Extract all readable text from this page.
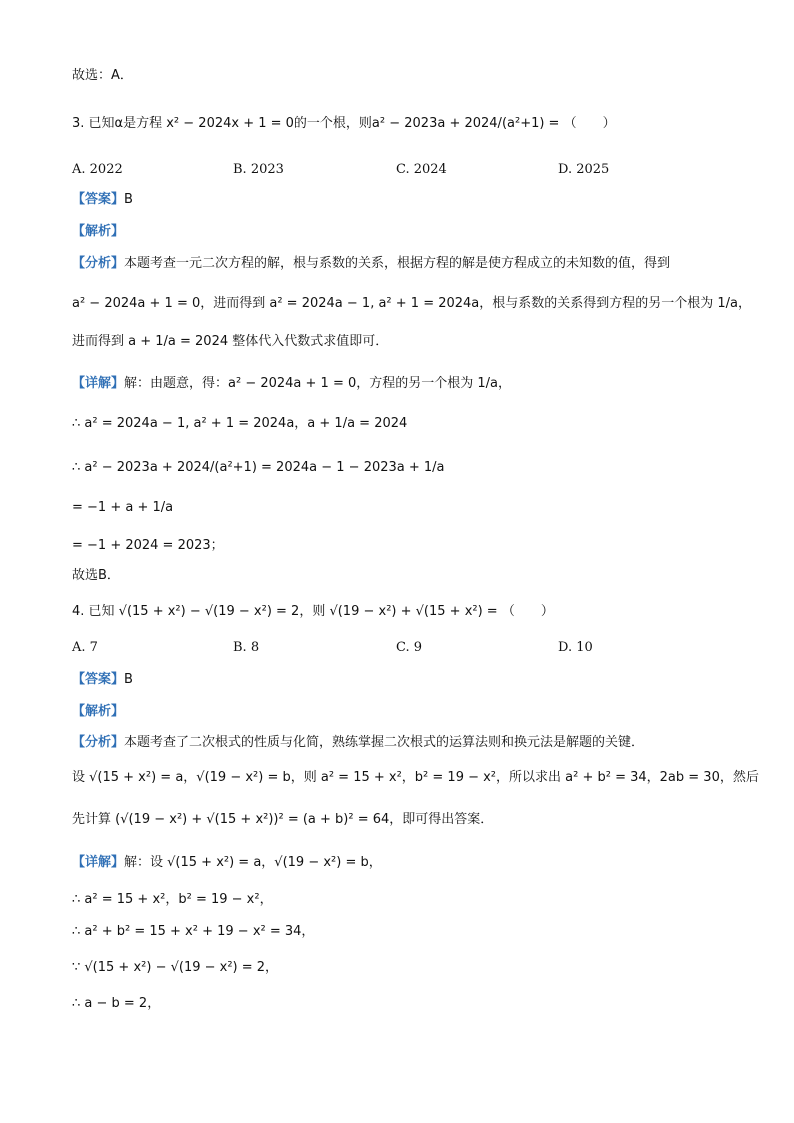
故选：A．
3. 已知α是方程 x² − 2024x + 1 = 0的一个根，则a² − 2023a + 2024/(a²+1) = （　　）
A. 2022	B. 2023	C. 2024	D. 2025
【答案】B
【解析】
【分析】本题考查一元二次方程的解，根与系数的关系，根据方程的解是使方程成立的未知数的值，得到
a² − 2024a + 1 = 0，进而得到 a² = 2024a − 1, a² + 1 = 2024a，根与系数的关系得到方程的另一个根为 1/a，
进而得到 a + 1/a = 2024 整体代入代数式求值即可．
【详解】解：由题意，得：a² − 2024a + 1 = 0，方程的另一个根为 1/a，
∴ a² = 2024a − 1, a² + 1 = 2024a，a + 1/a = 2024
∴ a² − 2023a + 2024/(a²+1) = 2024a − 1 − 2023a + 1/a
= −1 + a + 1/a
= −1 + 2024 = 2023；
故选B．
4. 已知 √(15 + x²) − √(19 − x²) = 2，则 √(19 − x²) + √(15 + x²) = （　　）
A. 7	B. 8	C. 9	D. 10
【答案】B
【解析】
【分析】本题考查了二次根式的性质与化简，熟练掌握二次根式的运算法则和换元法是解题的关键．
设 √(15 + x²) = a，√(19 − x²) = b，则 a² = 15 + x²，b² = 19 − x²，所以求出 a² + b² = 34，2ab = 30，然后
先计算 (√(19 − x²) + √(15 + x²))² = (a + b)² = 64，即可得出答案．
【详解】解：设 √(15 + x²) = a，√(19 − x²) = b，
∴ a² = 15 + x²，b² = 19 − x²，
∴ a² + b² = 15 + x² + 19 − x² = 34，
∵ √(15 + x²) − √(19 − x²) = 2，
∴ a − b = 2，
